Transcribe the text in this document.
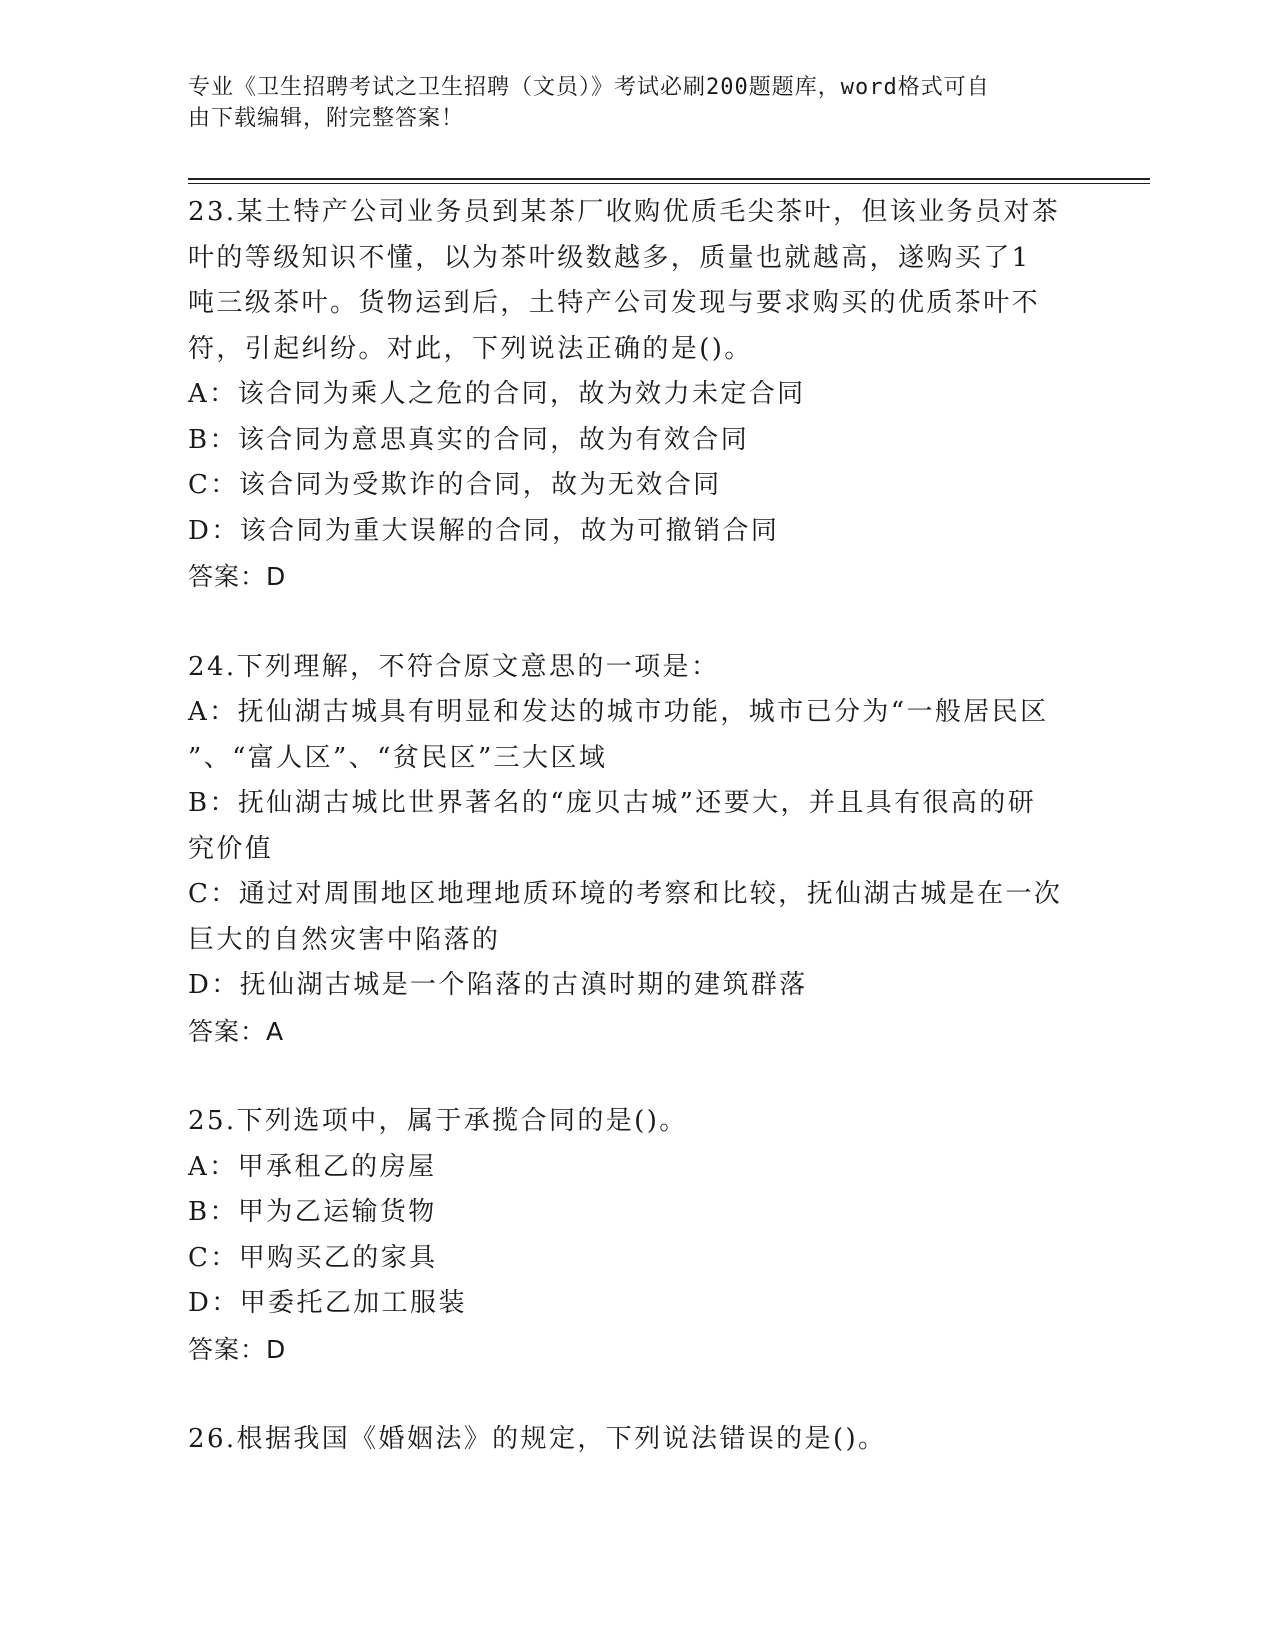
专业《卫生招聘考试之卫生招聘（文员）》考试必刷200题题库，word格式可自
由下载编辑，附完整答案！
23.某土特产公司业务员到某茶厂收购优质毛尖茶叶，但该业务员对茶
叶的等级知识不懂，以为茶叶级数越多，质量也就越高，遂购买了1
吨三级茶叶。货物运到后，土特产公司发现与要求购买的优质茶叶不
符，引起纠纷。对此，下列说法正确的是()。
A：该合同为乘人之危的合同，故为效力未定合同
B：该合同为意思真实的合同，故为有效合同
C：该合同为受欺诈的合同，故为无效合同
D：该合同为重大误解的合同，故为可撤销合同
答案：D
24.下列理解，不符合原文意思的一项是：
A：抚仙湖古城具有明显和发达的城市功能，城市已分为“一般居民区
”、“富人区”、“贫民区”三大区域
B：抚仙湖古城比世界著名的“庞贝古城”还要大，并且具有很高的研
究价值
C：通过对周围地区地理地质环境的考察和比较，抚仙湖古城是在一次
巨大的自然灾害中陷落的
D：抚仙湖古城是一个陷落的古滇时期的建筑群落
答案：A
25.下列选项中，属于承揽合同的是()。
A：甲承租乙的房屋
B：甲为乙运输货物
C：甲购买乙的家具
D：甲委托乙加工服装
答案：D
26.根据我国《婚姻法》的规定，下列说法错误的是()。
